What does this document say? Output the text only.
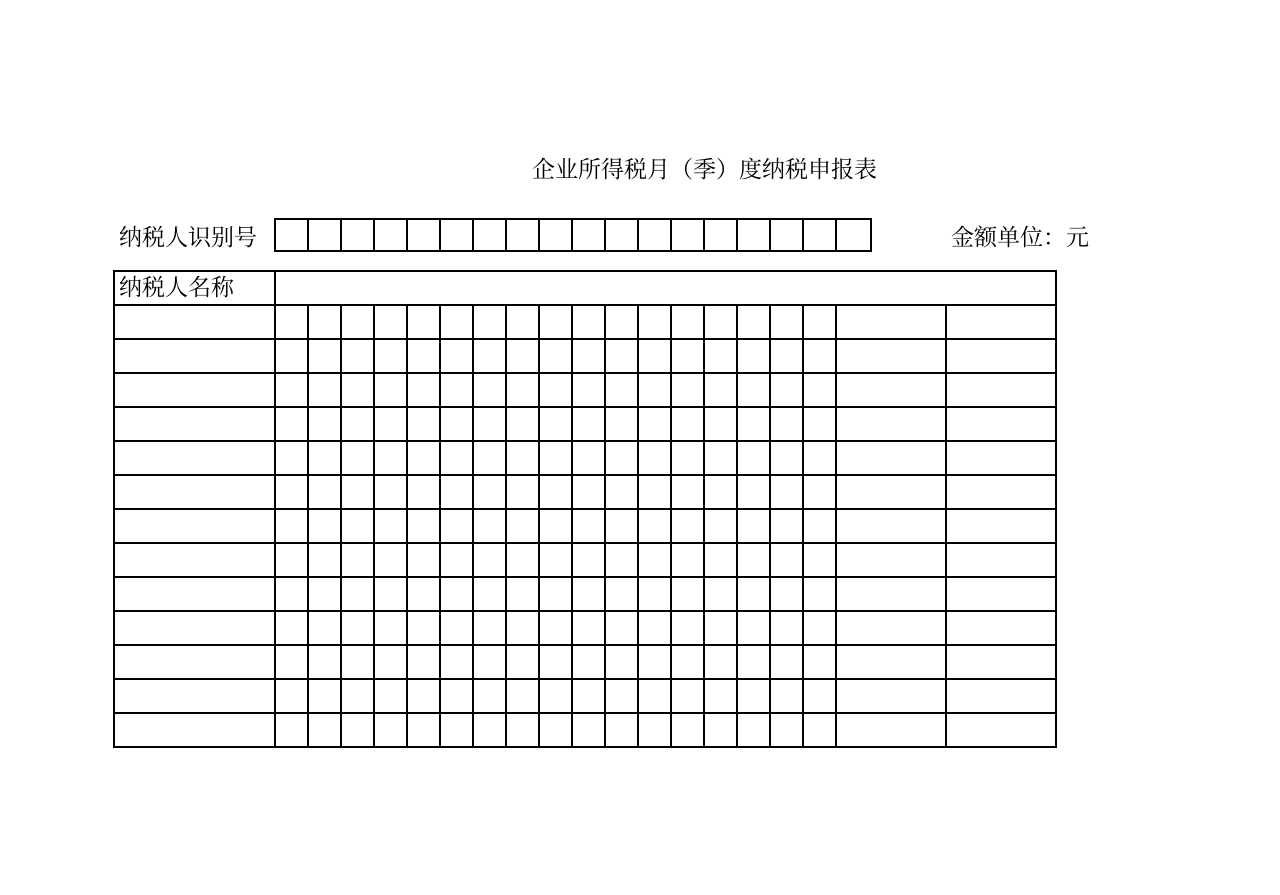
企业所得税月（季）度纳税申报表
纳税人识别号	金额单位：元
纳税人名称																			
